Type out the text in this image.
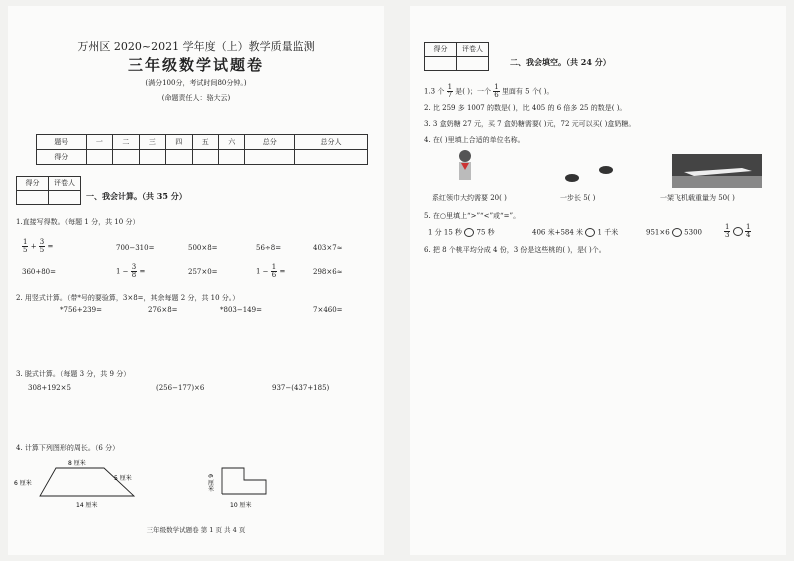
万州区 2020~2021 学年度（上）教学质量监测
三年级数学试题卷
(满分100分，考试时间80分钟。)
(命题责任人：骆大云)
题号	一	二	三	四	五	六	总分	总分人
得分								
得分	评卷人

一、我会计算。（共 35 分）
1.直接写得数。（每题 1 分，共 10 分）
$\frac{1}{5} + \frac{3}{5}$ =	700−310=	500×8=	56÷8=	403×7≈
360+80=	$1 - \frac{3}{8}$ =	257×0=	$1 - \frac{1}{6}$ =	298×6≈
2. 用竖式计算。（带*号的要验算，3×8=，其余每题 2 分，共 10 分。）
*756+239=	276×8=	*803−149=	7×460=
3. 脱式计算。（每题 3 分，共 9 分）
308+192×5	(256−177)×6	937−(437+185)
4. 计算下列图形的周长。（6 分）
8 厘米
6 厘米
5 厘米
14 厘米
6 厘米
10 厘米
三年级数学试题卷 第 1 页 共 4 页
得分	评卷人

二、我会填空。（共 24 分）
1.3 个 $\frac{1}{7}$ 是( )；一个 $\frac{1}{6}$ 里面有 5 个( )。
2. 比 259 多 1007 的数是( )，比 405 的 6 倍多 25 的数是( )。
3. 3 盒奶糖 27 元，买 7 盒奶糖需要( )元，72 元可以买( )盒奶糖。
4. 在( )里填上合适的单位名称。
系红领巾大约需要 20( )	一步长 5( )	一架飞机载重量为 50( )
5. 在○里填上“>”“<”或“=”。
1 分 15 秒 75 秒	406 米+584 米 1 千米	951×6 5300	$\frac{1}{3}$
$\frac{1}{4}$
6. 把 8 个桃平均分成 4 份，3 份是这些桃的( )，是( )个。
